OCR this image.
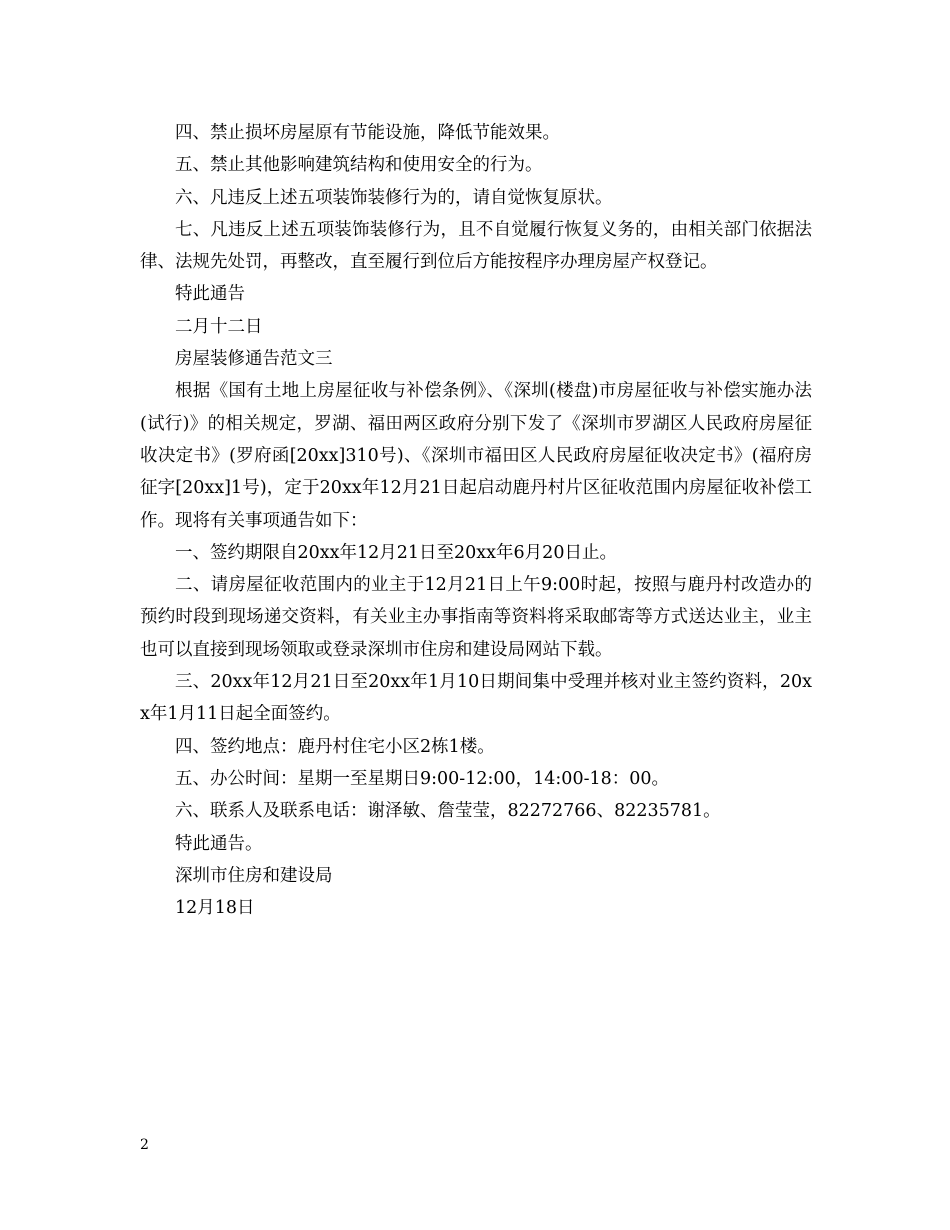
四、禁止损坏房屋原有节能设施，降低节能效果。

五、禁止其他影响建筑结构和使用安全的行为。

六、凡违反上述五项装饰装修行为的，请自觉恢复原状。

七、凡违反上述五项装饰装修行为，且不自觉履行恢复义务的，由相关部门依据法律、法规先处罚，再整改，直至履行到位后方能按程序办理房屋产权登记。

特此通告

二月十二日

房屋装修通告范文三

根据《国有土地上房屋征收与补偿条例》、《深圳(楼盘)市房屋征收与补偿实施办法(试行)》的相关规定，罗湖、福田两区政府分别下发了《深圳市罗湖区人民政府房屋征收决定书》(罗府函[20xx]310号)、《深圳市福田区人民政府房屋征收决定书》(福府房征字[20xx]1号)，定于20xx年12月21日起启动鹿丹村片区征收范围内房屋征收补偿工作。现将有关事项通告如下：

一、签约期限自20xx年12月21日至20xx年6月20日止。

二、请房屋征收范围内的业主于12月21日上午9:00时起，按照与鹿丹村改造办的预约时段到现场递交资料，有关业主办事指南等资料将采取邮寄等方式送达业主，业主也可以直接到现场领取或登录深圳市住房和建设局网站下载。

三、20xx年12月21日至20xx年1月10日期间集中受理并核对业主签约资料，20xx年1月11日起全面签约。

四、签约地点：鹿丹村住宅小区2栋1楼。

五、办公时间：星期一至星期日9:00-12:00，14:00-18：00。

六、联系人及联系电话：谢泽敏、詹莹莹，82272766、82235781。

特此通告。

深圳市住房和建设局

12月18日

2
